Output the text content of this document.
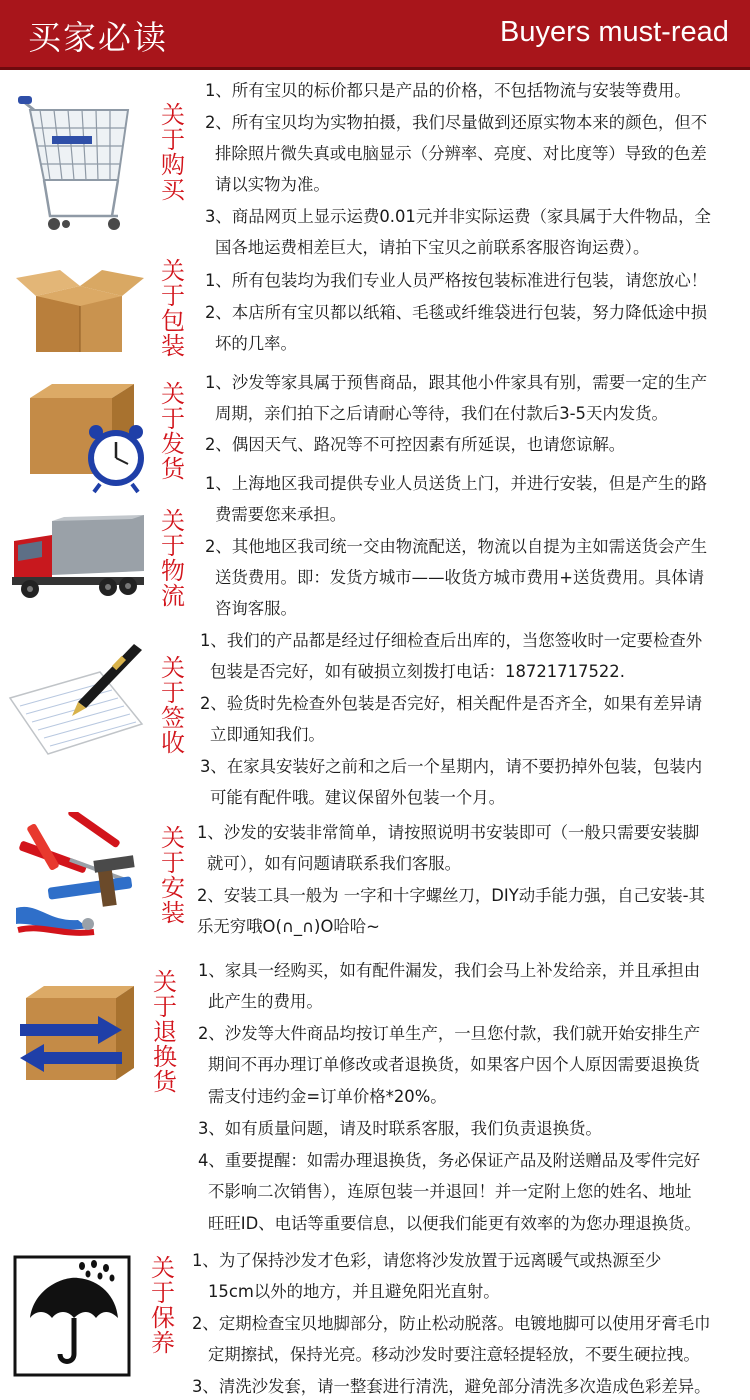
买家必读	Buyers must-read
关
于
购
买
1、所有宝贝的标价都只是产品的价格，不包括物流与安装等费用。
2、所有宝贝均为实物拍摄，我们尽量做到还原实物本来的颜色，但不
排除照片微失真或电脑显示（分辨率、亮度、对比度等）导致的色差
请以实物为准。
3、商品网页上显示运费0.01元并非实际运费（家具属于大件物品，全
国各地运费相差巨大，请拍下宝贝之前联系客服咨询运费）。
关
于
包
装
1、所有包装均为我们专业人员严格按包装标准进行包装，请您放心！
2、本店所有宝贝都以纸箱、毛毯或纤维袋进行包装，努力降低途中损
坏的几率。
关
于
发
货
1、沙发等家具属于预售商品，跟其他小件家具有别，需要一定的生产
周期，亲们拍下之后请耐心等待，我们在付款后3-5天内发货。
2、偶因天气、路况等不可控因素有所延误，也请您谅解。
关
于
物
流
1、上海地区我司提供专业人员送货上门，并进行安装，但是产生的路
费需要您来承担。
2、其他地区我司统一交由物流配送，物流以自提为主如需送货会产生
送货费用。即：发货方城市——收货方城市费用+送货费用。具体请
咨询客服。
关
于
签
收
1、我们的产品都是经过仔细检查后出库的，当您签收时一定要检查外
包装是否完好，如有破损立刻拨打电话：18721717522.
2、验货时先检查外包装是否完好，相关配件是否齐全，如果有差异请
立即通知我们。
3、在家具安装好之前和之后一个星期内，请不要扔掉外包装，包装内
可能有配件哦。建议保留外包装一个月。
关
于
安
装
1、沙发的安装非常简单，请按照说明书安装即可（一般只需要安装脚
就可），如有问题请联系我们客服。
2、安装工具一般为 一字和十字螺丝刀，DIY动手能力强，自己安装-其
乐无穷哦O(∩_∩)O哈哈~
关
于
退
换
货
1、家具一经购买，如有配件漏发，我们会马上补发给亲，并且承担由
此产生的费用。
2、沙发等大件商品均按订单生产，一旦您付款，我们就开始安排生产
期间不再办理订单修改或者退换货，如果客户因个人原因需要退换货
需支付违约金=订单价格*20%。
3、如有质量问题，请及时联系客服，我们负责退换货。
4、重要提醒：如需办理退换货，务必保证产品及附送赠品及零件完好
不影响二次销售），连原包装一并退回！并一定附上您的姓名、地址
旺旺ID、电话等重要信息，以便我们能更有效率的为您办理退换货。
关
于
保
养
1、为了保持沙发才色彩，请您将沙发放置于远离暖气或热源至少
15cm以外的地方，并且避免阳光直射。
2、定期检查宝贝地脚部分，防止松动脱落。电镀地脚可以使用牙膏毛巾
定期擦拭，保持光亮。移动沙发时要注意轻提轻放，不要生硬拉拽。
3、清洗沙发套，请一整套进行清洗，避免部分清洗多次造成色彩差异。
